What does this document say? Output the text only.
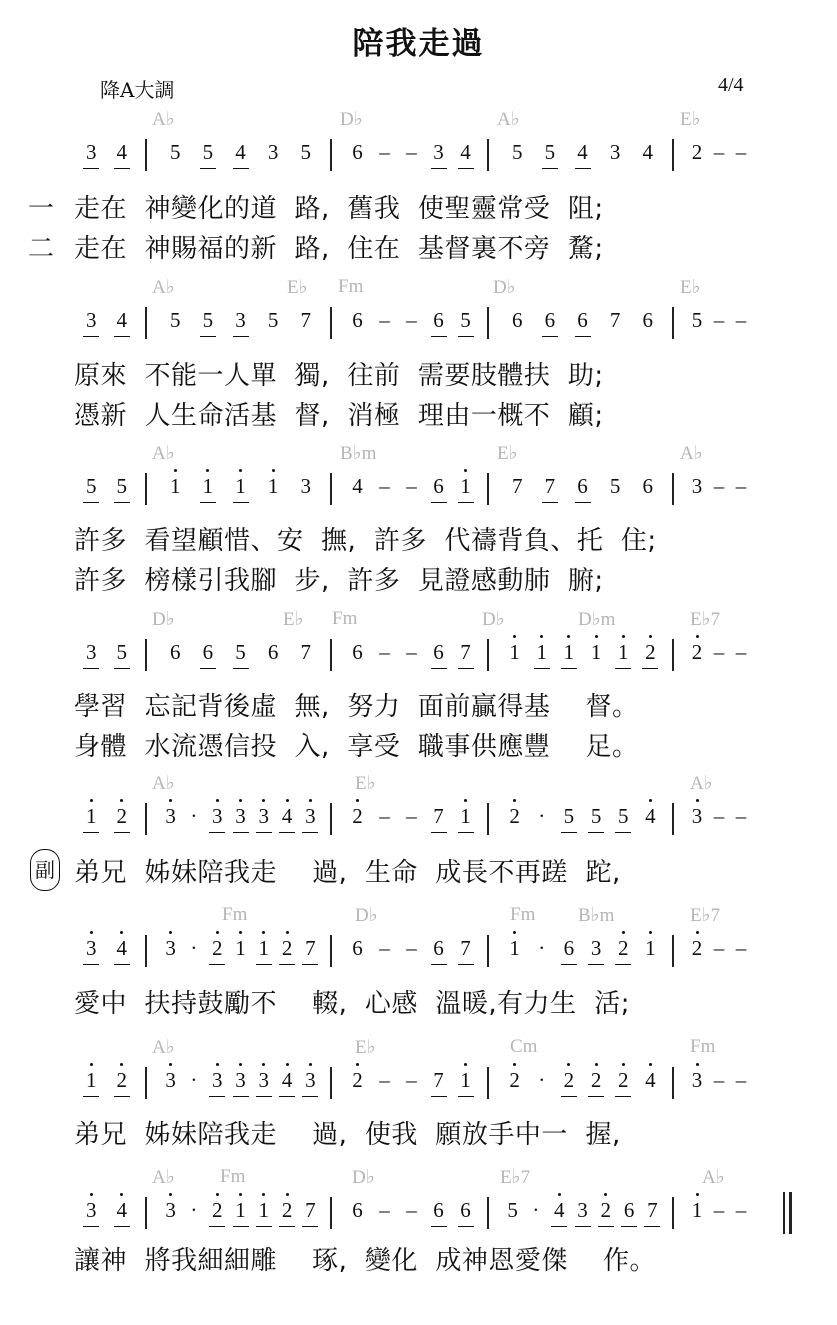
陪我走過
降A大調	4/4
A♭	D♭	A♭	E♭
3 4 5 5 4 3 5 6 – – 3 4 5 5 4 3 4 2 – –
一 走在  神變化的道  路,  舊我  使聖靈常受  阻;
二 走在  神賜福的新  路,  住在  基督裏不旁  騖;
A♭	E♭ Fm	D♭	E♭
3 4 5 5 3 5 7 6 – – 6 5 6 6 6 7 6 5 – –
原來  不能一人單  獨,  往前  需要肢體扶  助;
憑新  人生命活基  督,  消極  理由一概不  顧;
A♭	B♭m	E♭	A♭
5 5 1 1 1 1 3 4 – – 6 1 7 7 6 5 6 3 – –
許多  看望顧惜、安  撫,  許多  代禱背負、托  住;
許多  榜樣引我腳  步,  許多  見證感動肺  腑;
D♭	E♭ Fm	D♭	D♭m	E♭7
3 5 6 6 5 6 7 6 – – 6 7 1 1 1 1 1 2 2 – –
學習  忘記背後虛  無,  努力  面前贏得基    督。
身體  水流憑信投  入,  享受  職事供應豐    足。
A♭	E♭	A♭
1 2 3 · 3 3 3 4 3 2 – – 7 1 2 · 5 5 5 4 3 – –
弟兄  姊妹陪我走    過,  生命  成長不再蹉  跎,
副
Fm	D♭	Fm B♭m	E♭7
3 4 3 · 2 1 1 2 7 6 – – 6 7 1 · 6 3 2 1 2 – –
愛中  扶持鼓勵不    輟,  心感  溫暖,有力生  活;
A♭	E♭	Cm	Fm
1 2 3 · 3 3 3 4 3 2 – – 7 1 2 · 2 2 2 4 3 – –
弟兄  姊妹陪我走    過,  使我  願放手中一  握,
A♭ Fm	D♭	E♭7	A♭
3 4 3 · 2 1 1 2 7 6 – – 6 6 5 · 4 3 2 6 7 1 – –
讓神  將我細細雕    琢,  變化  成神恩愛傑    作。
